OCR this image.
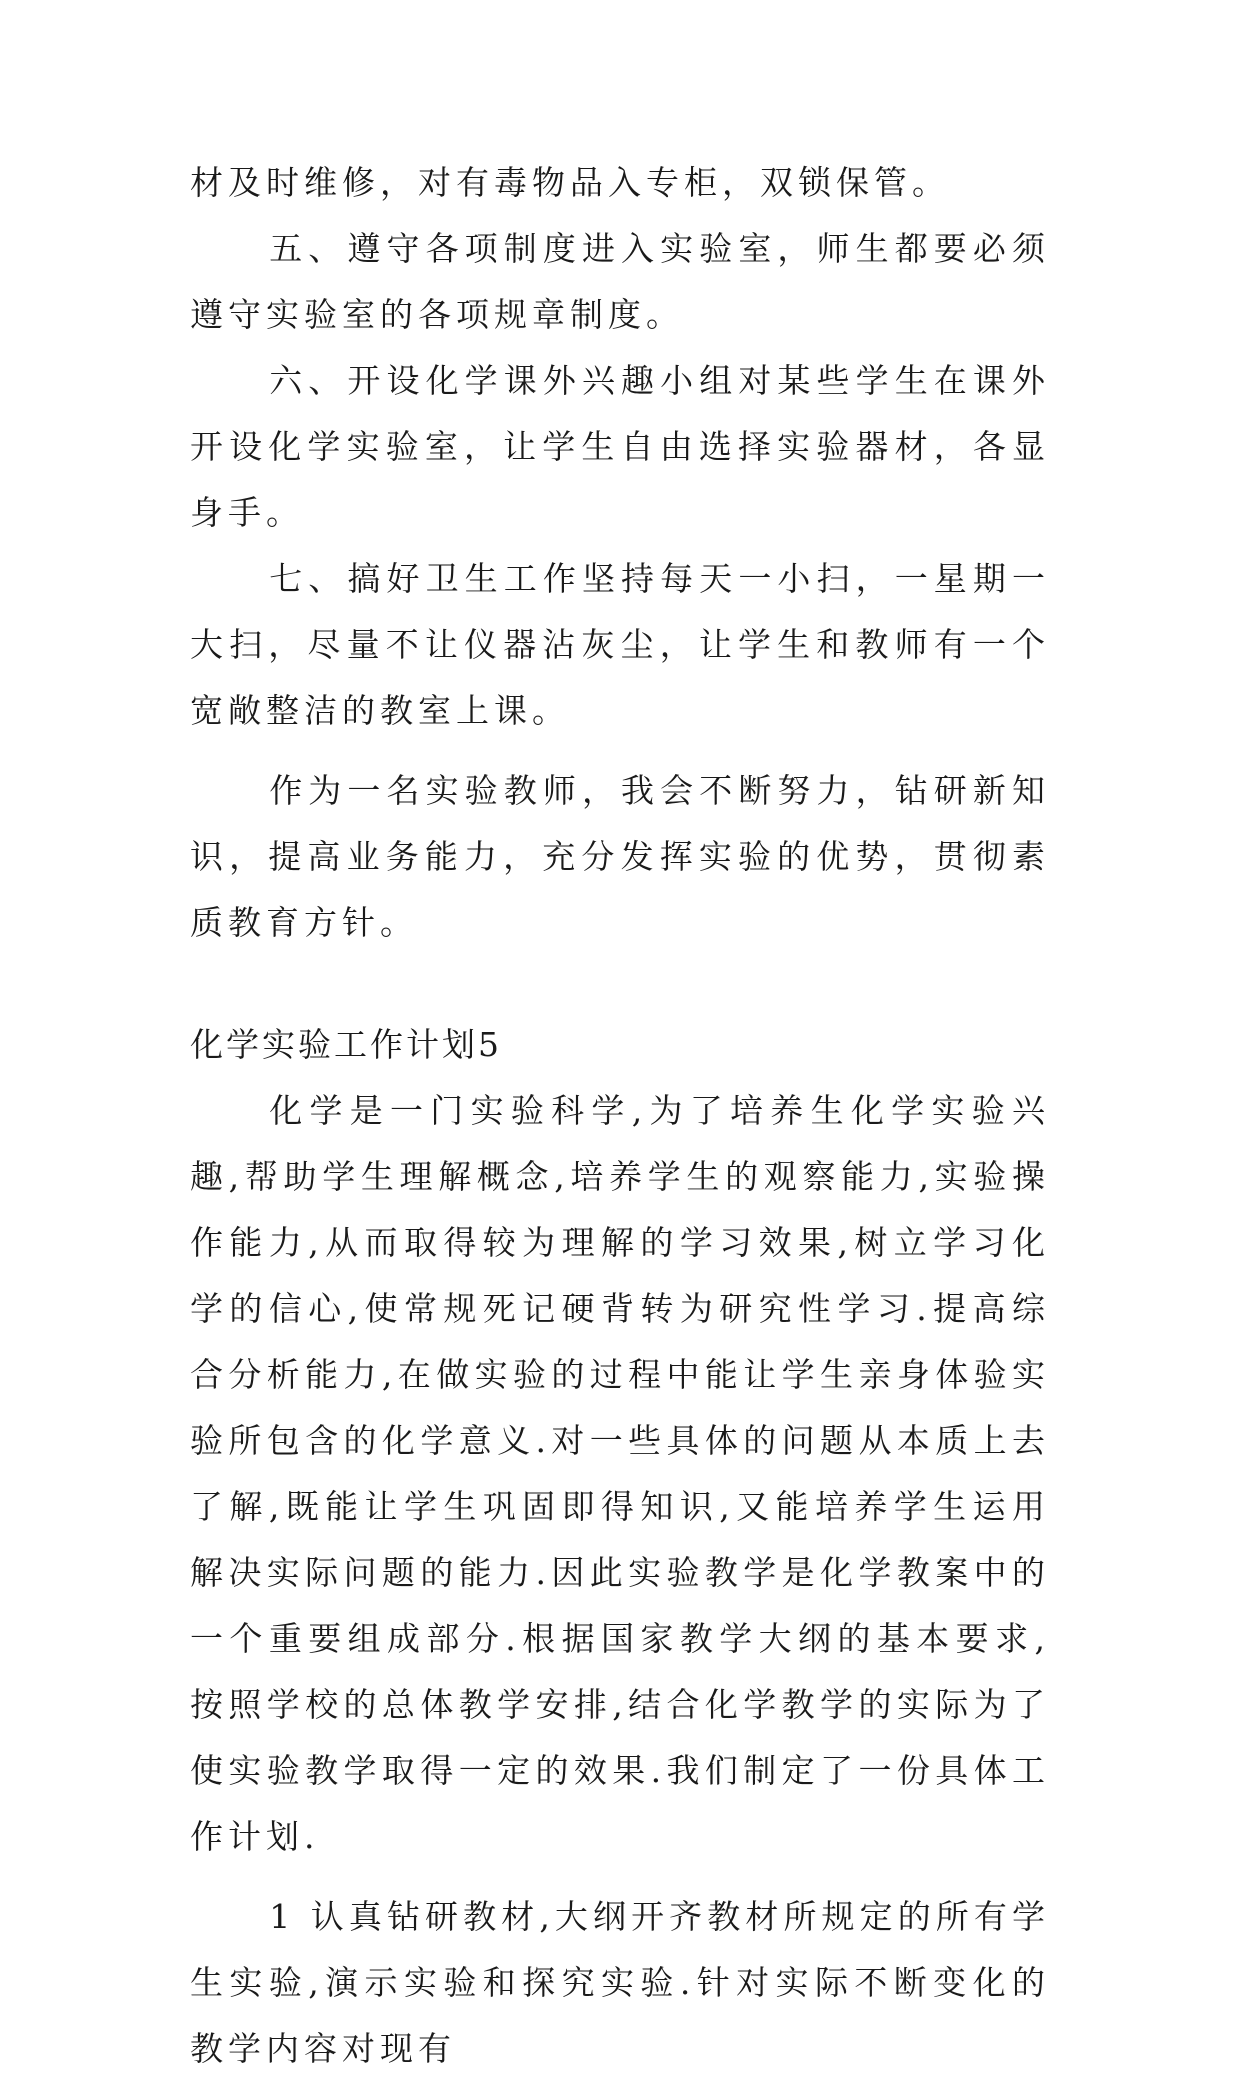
材及时维修，对有毒物品入专柜，双锁保管。

五、遵守各项制度进入实验室，师生都要必须遵守实验室的各项规章制度。

六、开设化学课外兴趣小组对某些学生在课外开设化学实验室，让学生自由选择实验器材，各显身手。

七、搞好卫生工作坚持每天一小扫，一星期一大扫，尽量不让仪器沾灰尘，让学生和教师有一个宽敞整洁的教室上课。

作为一名实验教师，我会不断努力，钻研新知识，提高业务能力，充分发挥实验的优势，贯彻素质教育方针。

化学实验工作计划5

化学是一门实验科学,为了培养生化学实验兴趣,帮助学生理解概念,培养学生的观察能力,实验操作能力,从而取得较为理解的学习效果,树立学习化学的信心,使常规死记硬背转为研究性学习.提高综合分析能力,在做实验的过程中能让学生亲身体验实验所包含的化学意义.对一些具体的问题从本质上去了解,既能让学生巩固即得知识,又能培养学生运用解决实际问题的能力.因此实验教学是化学教案中的一个重要组成部分.根据国家教学大纲的基本要求,按照学校的总体教学安排,结合化学教学的实际为了使实验教学取得一定的效果.我们制定了一份具体工作计划.

1 认真钻研教材,大纲开齐教材所规定的所有学生实验,演示实验和探究实验.针对实际不断变化的教学内容对现有
